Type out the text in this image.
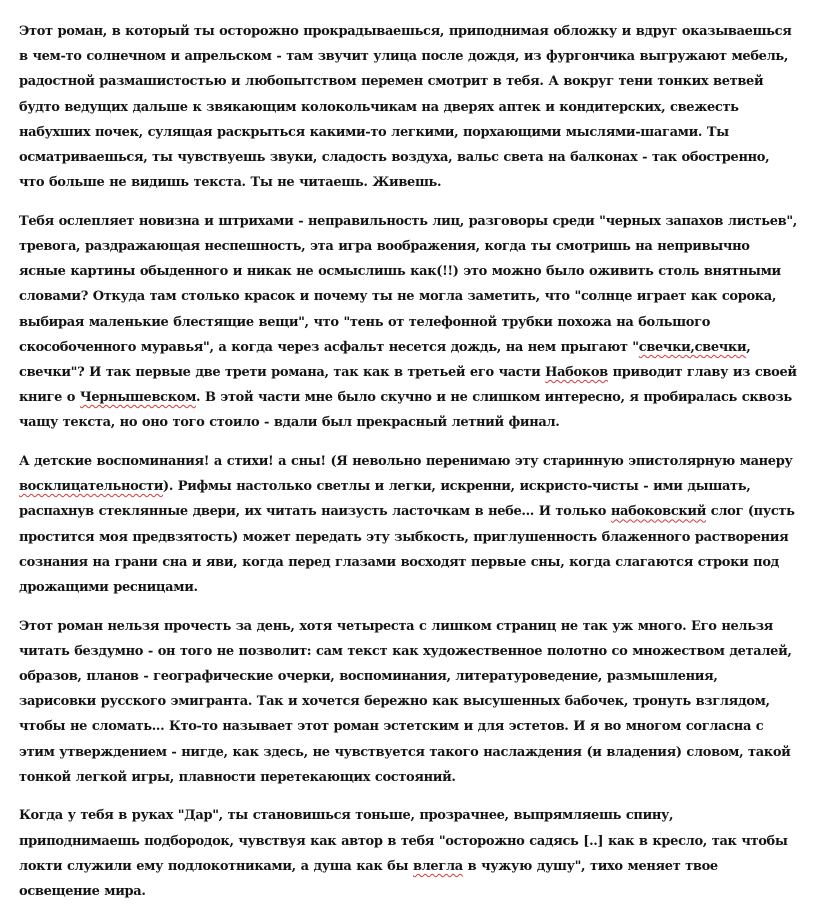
Этот роман, в который ты осторожно прокрадываешься, приподнимая обложку и вдруг оказываешься в чем-то солнечном и апрельском - там звучит улица после дождя, из фургончика выгружают мебель, радостной размашистостью и любопытством перемен смотрит в тебя. А вокруг тени тонких ветвей будто ведущих дальше к звякающим колокольчикам на дверях аптек и кондитерских, свежесть набухших почек, сулящая раскрыться какими-то легкими, порхающими мыслями-шагами. Ты осматриваешься, ты чувствуешь звуки, сладость воздуха, вальс света на балконах - так обостренно, что больше не видишь текста. Ты не читаешь. Живешь.

Тебя ослепляет новизна и штрихами - неправильность лиц, разговоры среди "черных запахов листьев", тревога, раздражающая неспешность, эта игра воображения, когда ты смотришь на непривычно ясные картины обыденного и никак не осмыслишь как(!!) это можно было оживить столь внятными словами? Откуда там столько красок и почему ты не могла заметить, что "солнце играет как сорока, выбирая маленькие блестящие вещи", что "тень от телефонной трубки похожа на большого скособоченного муравья", а когда через асфальт несется дождь, на нем прыгают "свечки,свечки, свечки"? И так первые две трети романа, так как в третьей его части Набоков приводит главу из своей книге о Чернышевском. В этой части мне было скучно и не слишком интересно, я пробиралась сквозь чащу текста, но оно того стоило - вдали был прекрасный летний финал.

А детские воспоминания! а стихи! а сны! (Я невольно перенимаю эту старинную эпистолярную манеру восклицательности). Рифмы настолько светлы и легки, искренни, искристо-чисты - ими дышать, распахнув стеклянные двери, их читать наизусть ласточкам в небе... И только набоковский слог (пусть простится моя предвзятость) может передать эту зыбкость, приглушенность блаженного растворения сознания на грани сна и яви, когда перед глазами восходят первые сны, когда слагаются строки под дрожащими ресницами.

Этот роман нельзя прочесть за день, хотя четыреста с лишком страниц не так уж много. Его нельзя читать бездумно - он того не позволит: сам текст как художественное полотно со множеством деталей, образов, планов - географические очерки, воспоминания, литературоведение, размышления, зарисовки русского эмигранта. Так и хочется бережно как высушенных бабочек, тронуть взглядом, чтобы не сломать... Кто-то называет этот роман эстетским и для эстетов. И я во многом согласна с этим утверждением - нигде, как здесь, не чувствуется такого наслаждения (и владения) словом, такой тонкой легкой игры, плавности перетекающих состояний.

Когда у тебя в руках "Дар", ты становишься тоньше, прозрачнее, выпрямляешь спину, приподнимаешь подбородок, чувствуя как автор в тебя "осторожно садясь [..] как в кресло, так чтобы локти служили ему подлокотниками, а душа как бы влегла в чужую душу", тихо меняет твое освещение мира.
